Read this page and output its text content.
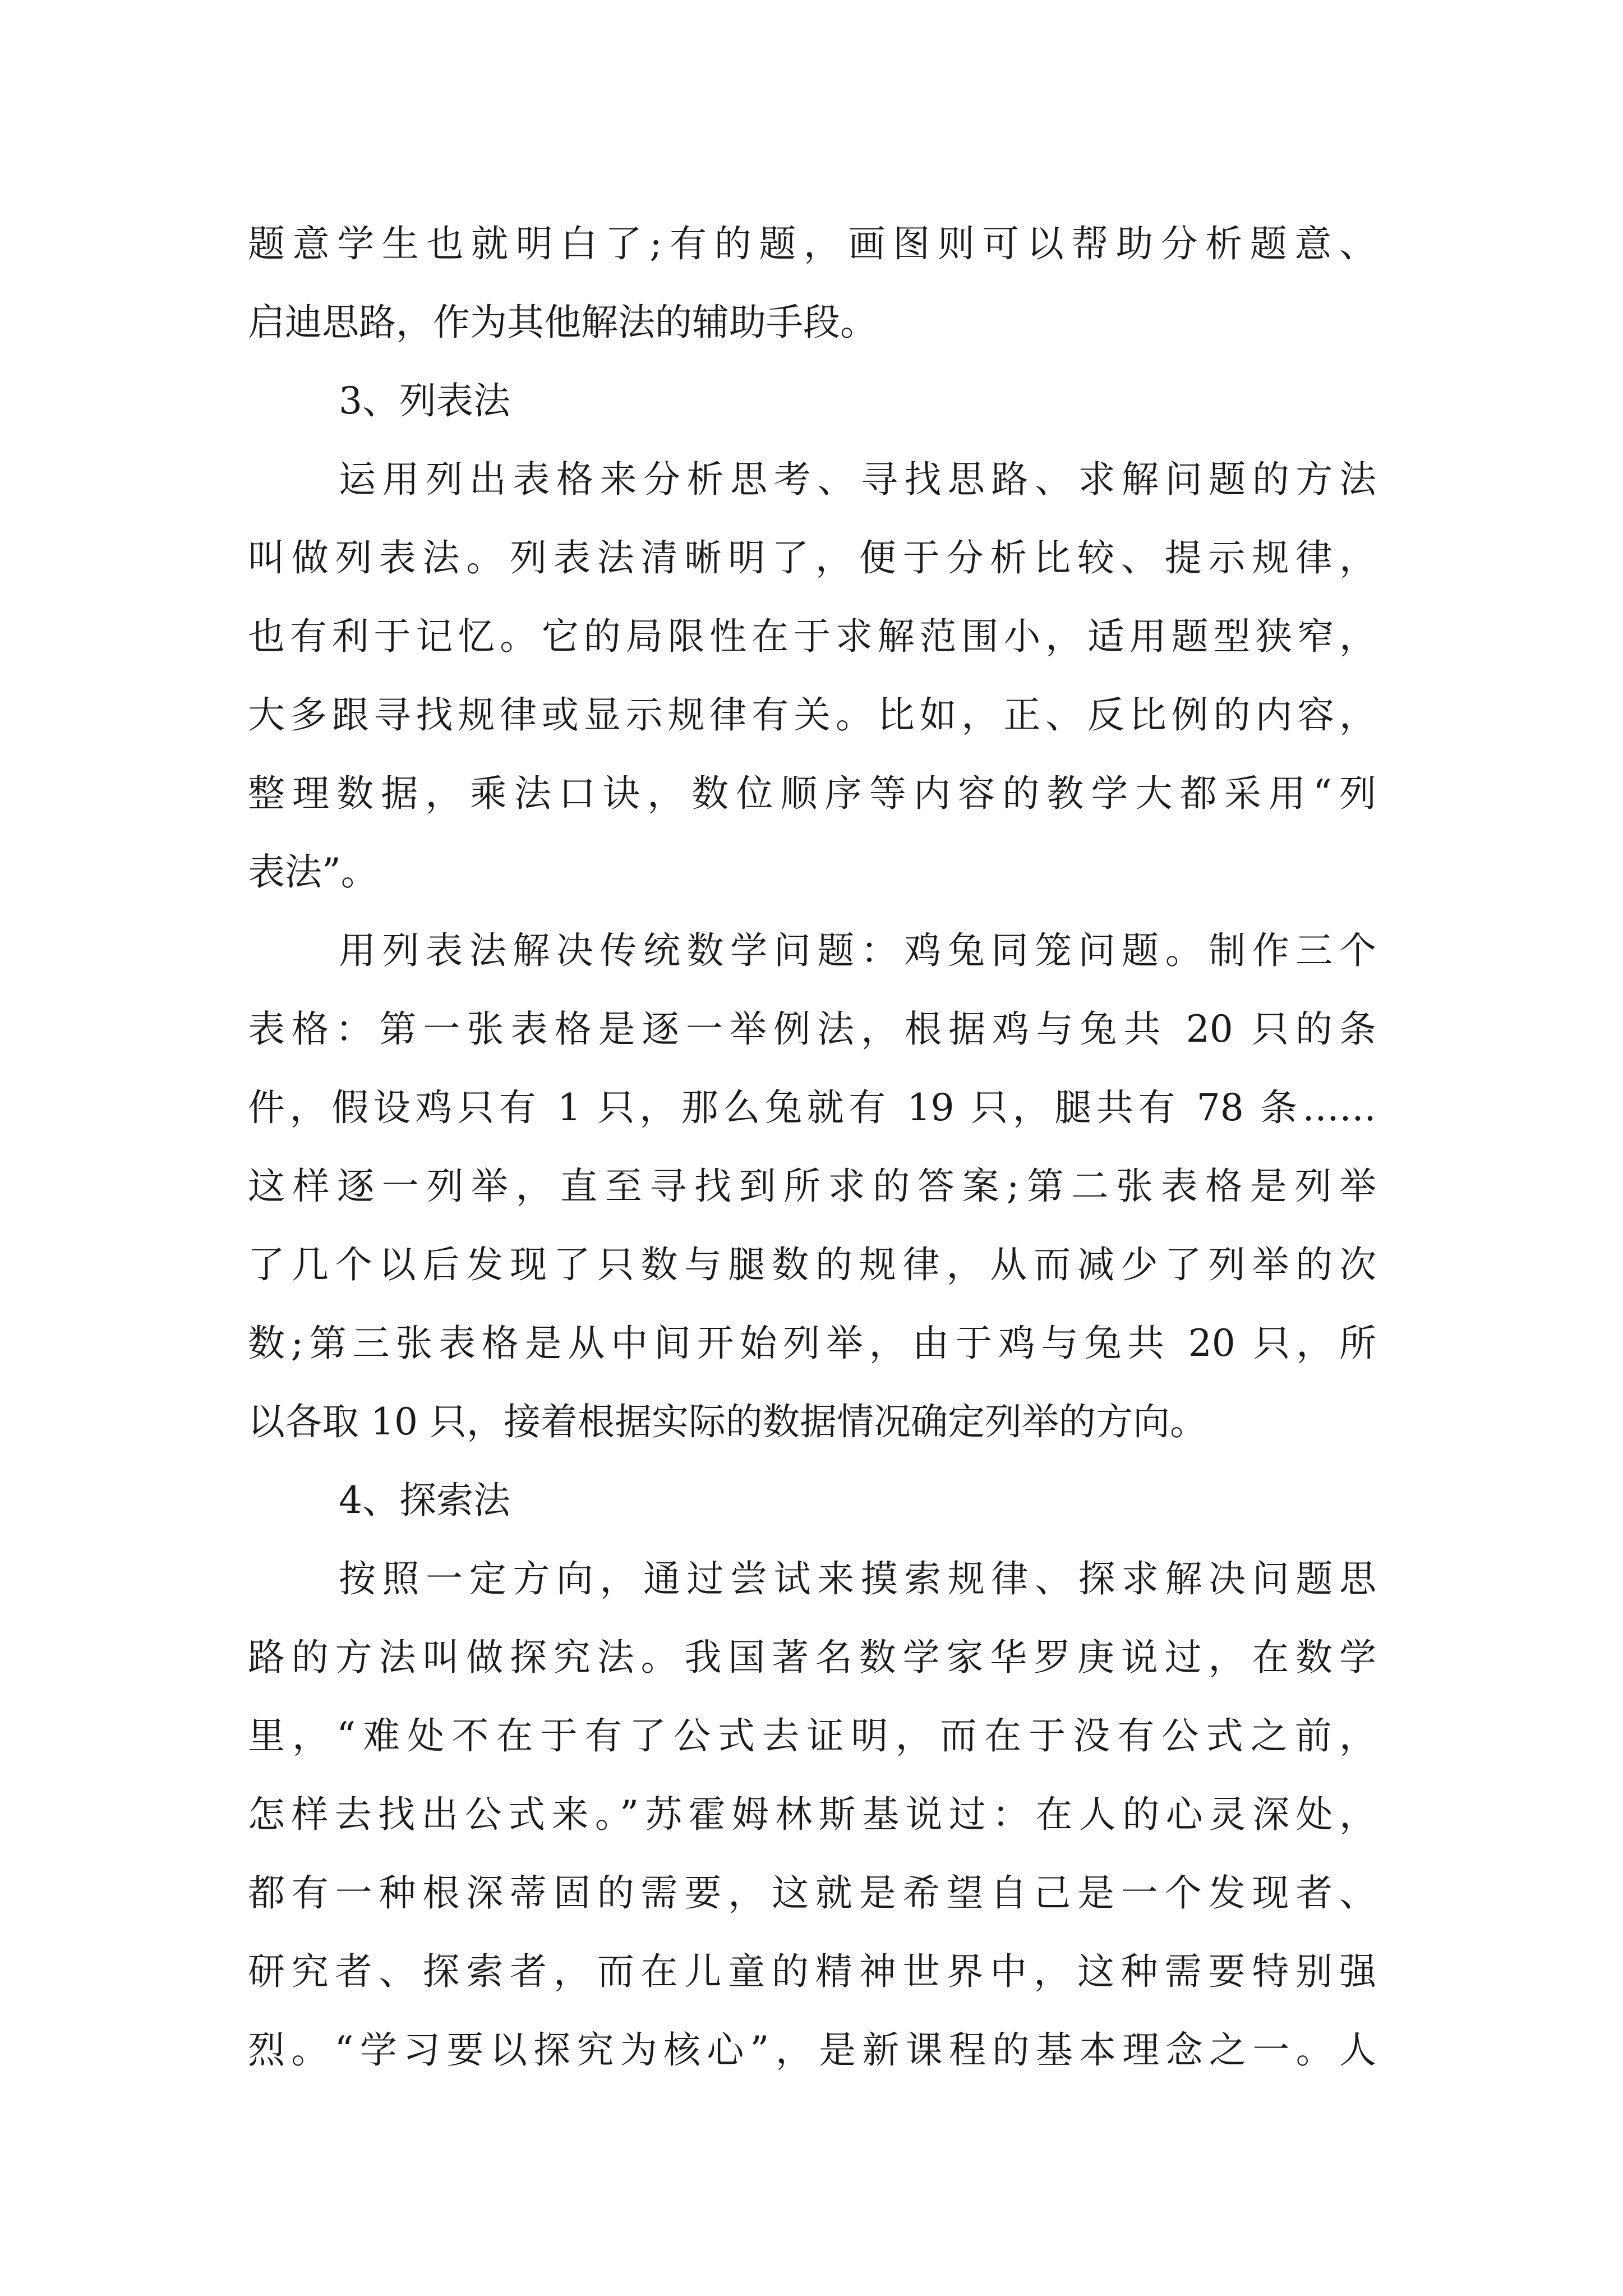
题意学生也就明白了;有的题，画图则可以帮助分析题意、

启迪思路，作为其他解法的辅助手段。

3、列表法

运用列出表格来分析思考、寻找思路、求解问题的方法

叫做列表法。列表法清晰明了，便于分析比较、提示规律，

也有利于记忆。它的局限性在于求解范围小，适用题型狭窄，

大多跟寻找规律或显示规律有关。比如，正、反比例的内容，

整理数据，乘法口诀，数位顺序等内容的教学大都采用“列

表法”。

用列表法解决传统数学问题：鸡兔同笼问题。制作三个

表格：第一张表格是逐一举例法，根据鸡与兔共 20 只的条

件，假设鸡只有 1 只，那么兔就有 19 只，腿共有 78 条……

这样逐一列举，直至寻找到所求的答案;第二张表格是列举

了几个以后发现了只数与腿数的规律，从而减少了列举的次

数;第三张表格是从中间开始列举，由于鸡与兔共 20 只，所

以各取 10 只，接着根据实际的数据情况确定列举的方向。

4、探索法

按照一定方向，通过尝试来摸索规律、探求解决问题思

路的方法叫做探究法。我国著名数学家华罗庚说过，在数学

里，“难处不在于有了公式去证明，而在于没有公式之前，

怎样去找出公式来。”苏霍姆林斯基说过：在人的心灵深处，

都有一种根深蒂固的需要，这就是希望自己是一个发现者、

研究者、探索者，而在儿童的精神世界中，这种需要特别强

烈。“学习要以探究为核心”，是新课程的基本理念之一。人
